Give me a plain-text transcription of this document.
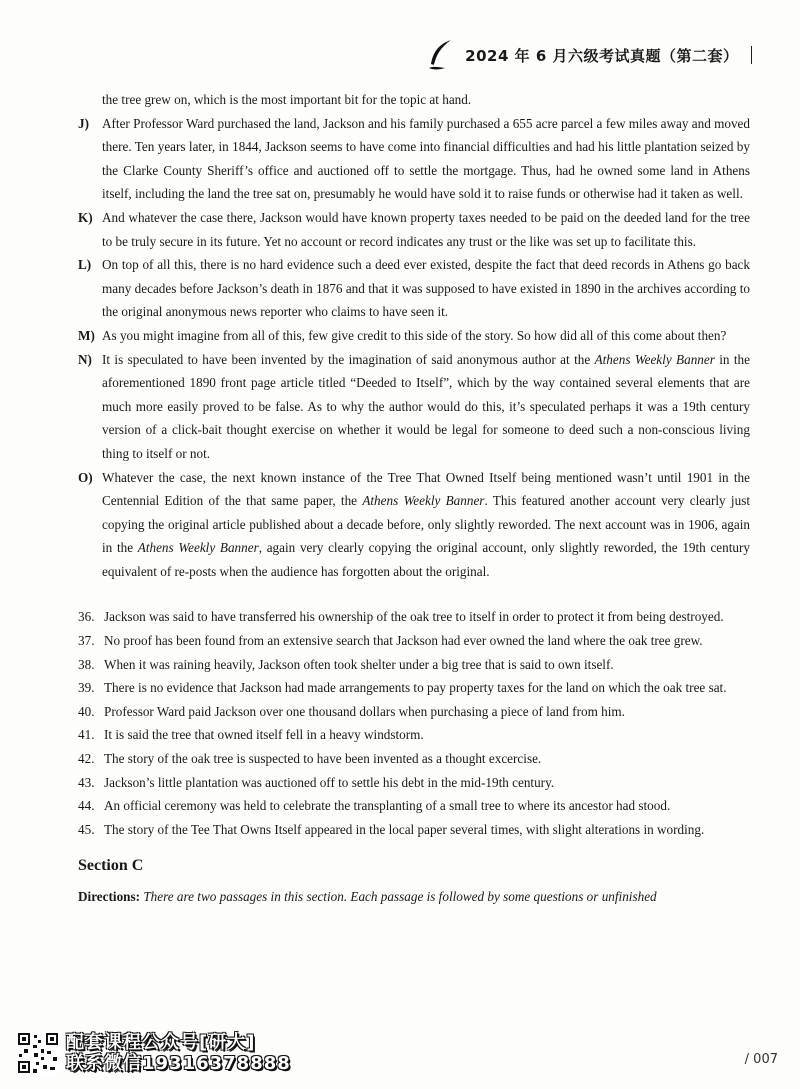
2024 年 6 月六级考试真题（第二套）
the tree grew on, which is the most important bit for the topic at hand.
J) After Professor Ward purchased the land, Jackson and his family purchased a 655 acre parcel a few miles away and moved there. Ten years later, in 1844, Jackson seems to have come into financial difficulties and had his little plantation seized by the Clarke County Sheriff’s office and auctioned off to settle the mortgage. Thus, had he owned some land in Athens itself, including the land the tree sat on, presumably he would have sold it to raise funds or otherwise had it taken as well.
K) And whatever the case there, Jackson would have known property taxes needed to be paid on the deeded land for the tree to be truly secure in its future. Yet no account or record indicates any trust or the like was set up to facilitate this.
L) On top of all this, there is no hard evidence such a deed ever existed, despite the fact that deed records in Athens go back many decades before Jackson’s death in 1876 and that it was supposed to have existed in 1890 in the archives according to the original anonymous news reporter who claims to have seen it.
M) As you might imagine from all of this, few give credit to this side of the story. So how did all of this come about then?
N) It is speculated to have been invented by the imagination of said anonymous author at the Athens Weekly Banner in the aforementioned 1890 front page article titled “Deeded to Itself”, which by the way contained several elements that are much more easily proved to be false. As to why the author would do this, it’s speculated perhaps it was a 19th century version of a click-bait thought exercise on whether it would be legal for someone to deed such a non-conscious living thing to itself or not.
O) Whatever the case, the next known instance of the Tree That Owned Itself being mentioned wasn’t until 1901 in the Centennial Edition of the that same paper, the Athens Weekly Banner. This featured another account very clearly just copying the original article published about a decade before, only slightly reworded. The next account was in 1906, again in the Athens Weekly Banner, again very clearly copying the original account, only slightly reworded, the 19th century equivalent of re-posts when the audience has forgotten about the original.
36. Jackson was said to have transferred his ownership of the oak tree to itself in order to protect it from being destroyed.
37. No proof has been found from an extensive search that Jackson had ever owned the land where the oak tree grew.
38. When it was raining heavily, Jackson often took shelter under a big tree that is said to own itself.
39. There is no evidence that Jackson had made arrangements to pay property taxes for the land on which the oak tree sat.
40. Professor Ward paid Jackson over one thousand dollars when purchasing a piece of land from him.
41. It is said the tree that owned itself fell in a heavy windstorm.
42. The story of the oak tree is suspected to have been invented as a thought excercise.
43. Jackson’s little plantation was auctioned off to settle his debt in the mid-19th century.
44. An official ceremony was held to celebrate the transplanting of a small tree to where its ancestor had stood.
45. The story of the Tee That Owns Itself appeared in the local paper several times, with slight alterations in wording.
Section C
Directions: There are two passages in this section. Each passage is followed by some questions or unfinished
配套课程公众号[研大]
联系微信19316378888	/ 007
